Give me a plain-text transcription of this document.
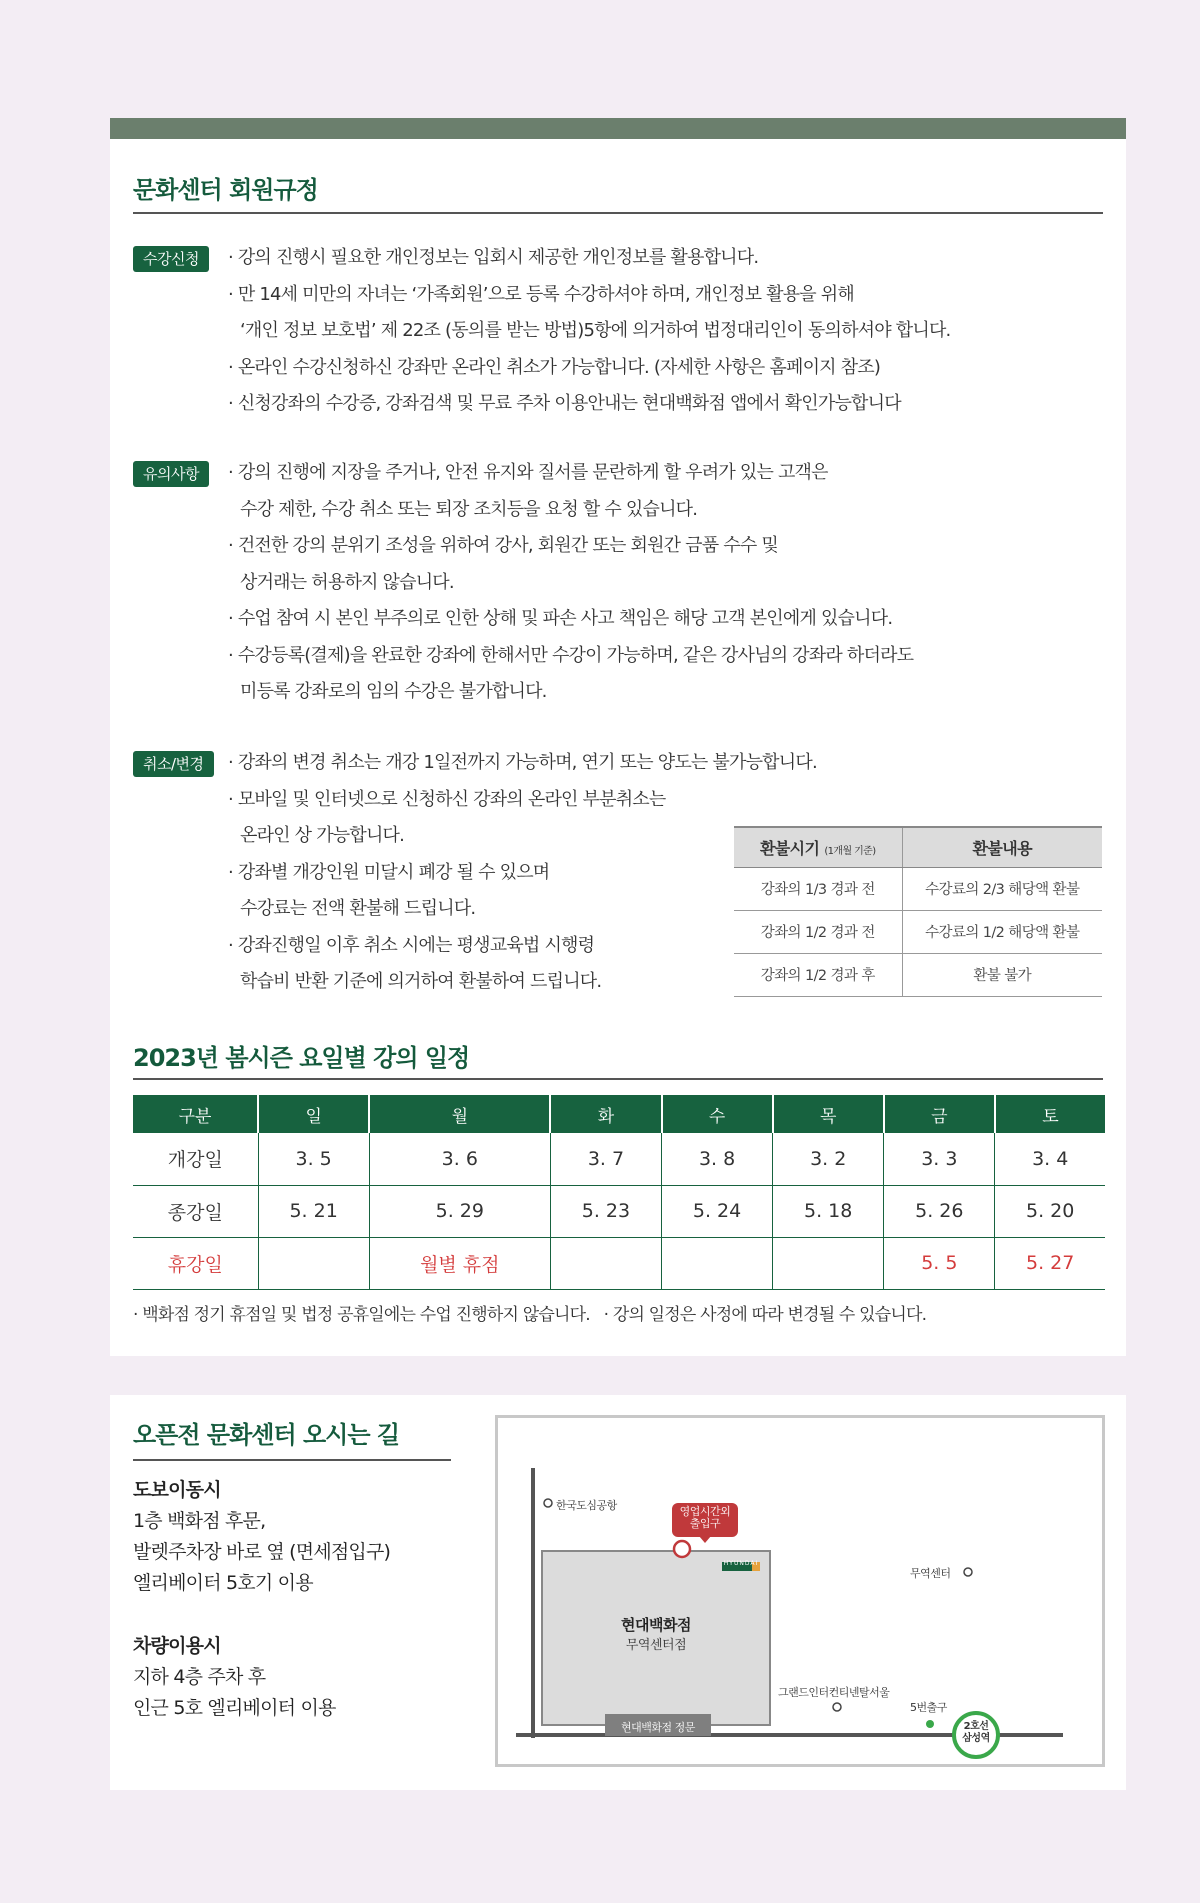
문화센터 회원규정
수강신청	· 강의 진행시 필요한 개인정보는 입회시 제공한 개인정보를 활용합니다.
· 만 14세 미만의 자녀는 ‘가족회원’으로 등록 수강하셔야 하며, 개인정보 활용을 위해
‘개인 정보 보호법’ 제 22조 (동의를 받는 방법)5항에 의거하여 법정대리인이 동의하셔야 합니다.
· 온라인 수강신청하신 강좌만 온라인 취소가 가능합니다. (자세한 사항은 홈페이지 참조)
· 신청강좌의 수강증, 강좌검색 및 무료 주차 이용안내는 현대백화점 앱에서 확인가능합니다
유의사항	· 강의 진행에 지장을 주거나, 안전 유지와 질서를 문란하게 할 우려가 있는 고객은
수강 제한, 수강 취소 또는 퇴장 조치등을 요청 할 수 있습니다.
· 건전한 강의 분위기 조성을 위하여 강사, 회원간 또는 회원간 금품 수수 및
상거래는 허용하지 않습니다.
· 수업 참여 시 본인 부주의로 인한 상해 및 파손 사고 책임은 해당 고객 본인에게 있습니다.
· 수강등록(결제)을 완료한 강좌에 한해서만 수강이 가능하며, 같은 강사님의 강좌라 하더라도
미등록 강좌로의 임의 수강은 불가합니다.
취소/변경	· 강좌의 변경 취소는 개강 1일전까지 가능하며, 연기 또는 양도는 불가능합니다.
· 모바일 및 인터넷으로 신청하신 강좌의 온라인 부분취소는
온라인 상 가능합니다.
· 강좌별 개강인원 미달시 폐강 될 수 있으며
수강료는 전액 환불해 드립니다.
· 강좌진행일 이후 취소 시에는 평생교육법 시행령
학습비 반환 기준에 의거하여 환불하여 드립니다.
환불시기 (1개월 기준)	환불내용
강좌의 1/3 경과 전	수강료의 2/3 해당액 환불
강좌의 1/2 경과 전	수강료의 1/2 해당액 환불
강좌의 1/2 경과 후	환불 불가
2023년 봄시즌 요일별 강의 일정
구분	일	월	화	수	목	금	토
개강일	3. 5	3. 6	3. 7	3. 8	3. 2	3. 3	3. 4
종강일	5. 21	5. 29	5. 23	5. 24	5. 18	5. 26	5. 20
휴강일		월별 휴점				5. 5	5. 27
· 백화점 정기 휴점일 및 법정 공휴일에는 수업 진행하지 않습니다.   · 강의 일정은 사정에 따라 변경될 수 있습니다.
오픈전 문화센터 오시는 길
도보이동시
1층 백화점 후문,
발렛주차장 바로 옆 (면세점입구)
엘리베이터 5호기 이용
차량이용시
지하 4층 주차 후
인근 5호 엘리베이터 이용
한국도심공항	영업시간외
출입구
HYUNDAI
현대백화점
무역센터점
현대백화점 정문
무역센터
그랜드인터컨티넨탈서울
5번출구
2호선
삼성역
